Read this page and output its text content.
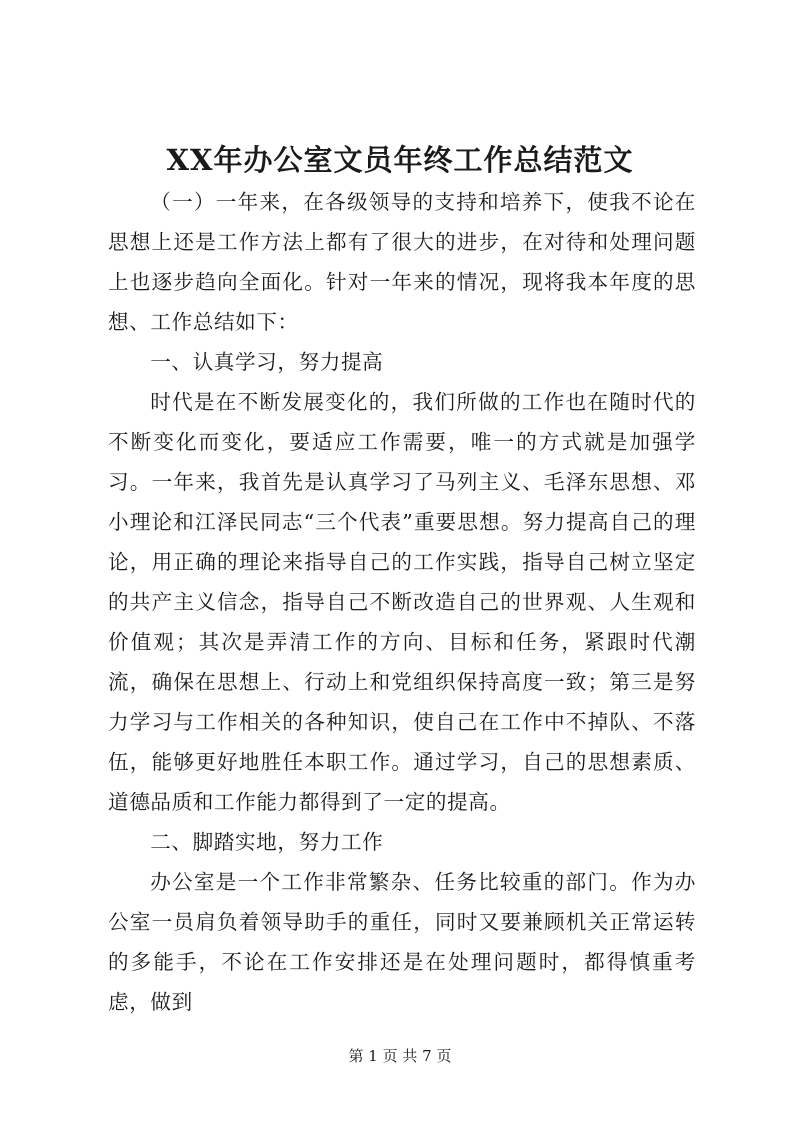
XX年办公室文员年终工作总结范文

（一）一年来，在各级领导的支持和培养下，使我不论在思想上还是工作方法上都有了很大的进步，在对待和处理问题上也逐步趋向全面化。针对一年来的情况，现将我本年度的思想、工作总结如下：

一、认真学习，努力提高

时代是在不断发展变化的，我们所做的工作也在随时代的不断变化而变化，要适应工作需要，唯一的方式就是加强学习。一年来，我首先是认真学习了马列主义、毛泽东思想、邓小理论和江泽民同志“三个代表”重要思想。努力提高自己的理论，用正确的理论来指导自己的工作实践，指导自己树立坚定的共产主义信念，指导自己不断改造自己的世界观、人生观和价值观；其次是弄清工作的方向、目标和任务，紧跟时代潮流，确保在思想上、行动上和党组织保持高度一致；第三是努力学习与工作相关的各种知识，使自己在工作中不掉队、不落伍，能够更好地胜任本职工作。通过学习，自己的思想素质、道德品质和工作能力都得到了一定的提高。

二、脚踏实地，努力工作

办公室是一个工作非常繁杂、任务比较重的部门。作为办公室一员肩负着领导助手的重任，同时又要兼顾机关正常运转的多能手，不论在工作安排还是在处理问题时，都得慎重考虑，做到

第 1 页 共 7 页
